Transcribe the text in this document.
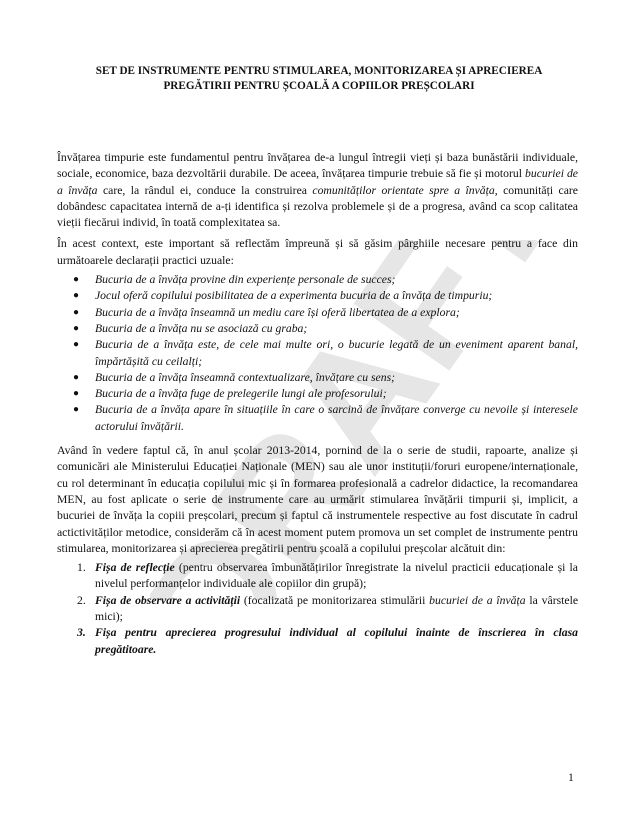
DRAFT
SET DE INSTRUMENTE PENTRU STIMULAREA, MONITORIZAREA ȘI APRECIEREA
PREGĂTIRII PENTRU ȘCOALĂ A COPIILOR PREȘCOLARI

Învățarea timpurie este fundamentul pentru învățarea de-a lungul întregii vieți și baza bunăstării individuale, sociale, economice, baza dezvoltării durabile. De aceea, învățarea timpurie trebuie să fie și motorul bucuriei de a învăța care, la rândul ei, conduce la construirea comunităților orientate spre a învăța, comunități care dobândesc capacitatea internă de a-ți identifica și rezolva problemele și de a progresa, având ca scop calitatea vieții fiecărui individ, în toată complexitatea sa.

În acest context, este important să reflectăm împreună și să găsim pârghiile necesare pentru a face din următoarele declarații practici uzuale:

● Bucuria de a învăța provine din experiențe personale de succes;
● Jocul oferă copilului posibilitatea de a experimenta bucuria de a învăța de timpuriu;
● Bucuria de a învăța înseamnă un mediu care își oferă libertatea de a explora;
● Bucuria de a învăța nu se asociază cu graba;
● Bucuria de a învăța este, de cele mai multe ori, o bucurie legată de un eveniment aparent banal, împărtășită cu ceilalți;
● Bucuria de a învăța înseamnă contextualizare, învățare cu sens;
● Bucuria de a învăța fuge de prelegerile lungi ale profesorului;
● Bucuria de a învăța apare în situațiile în care o sarcină de învățare converge cu nevoile și interesele actorului învățării.

Având în vedere faptul că, în anul școlar 2013-2014, pornind de la o serie de studii, rapoarte, analize și comunicări ale Ministerului Educației Naționale (MEN) sau ale unor instituții/foruri europene/internaționale, cu rol determinant în educația copilului mic și în formarea profesională a cadrelor didactice, la recomandarea MEN, au fost aplicate o serie de instrumente care au urmărit stimularea învățării timpurii și, implicit, a bucuriei de învăța la copiii preșcolari, precum și faptul că instrumentele respective au fost discutate în cadrul actictivităților metodice, considerăm că în acest moment putem promova un set complet de instrumente pentru stimularea, monitorizarea și aprecierea pregătirii pentru școală a copilului preșcolar alcătuit din:

1. Fișa de reflecție (pentru observarea îmbunătățirilor înregistrate la nivelul practicii educaționale și la nivelul performanțelor individuale ale copiilor din grupă);
2. Fișa de observare a activității (focalizată pe monitorizarea stimulării bucuriei de a învăța la vârstele mici);
3. Fișa pentru aprecierea progresului individual al copilului înainte de înscrierea în clasa pregătitoare.
1
